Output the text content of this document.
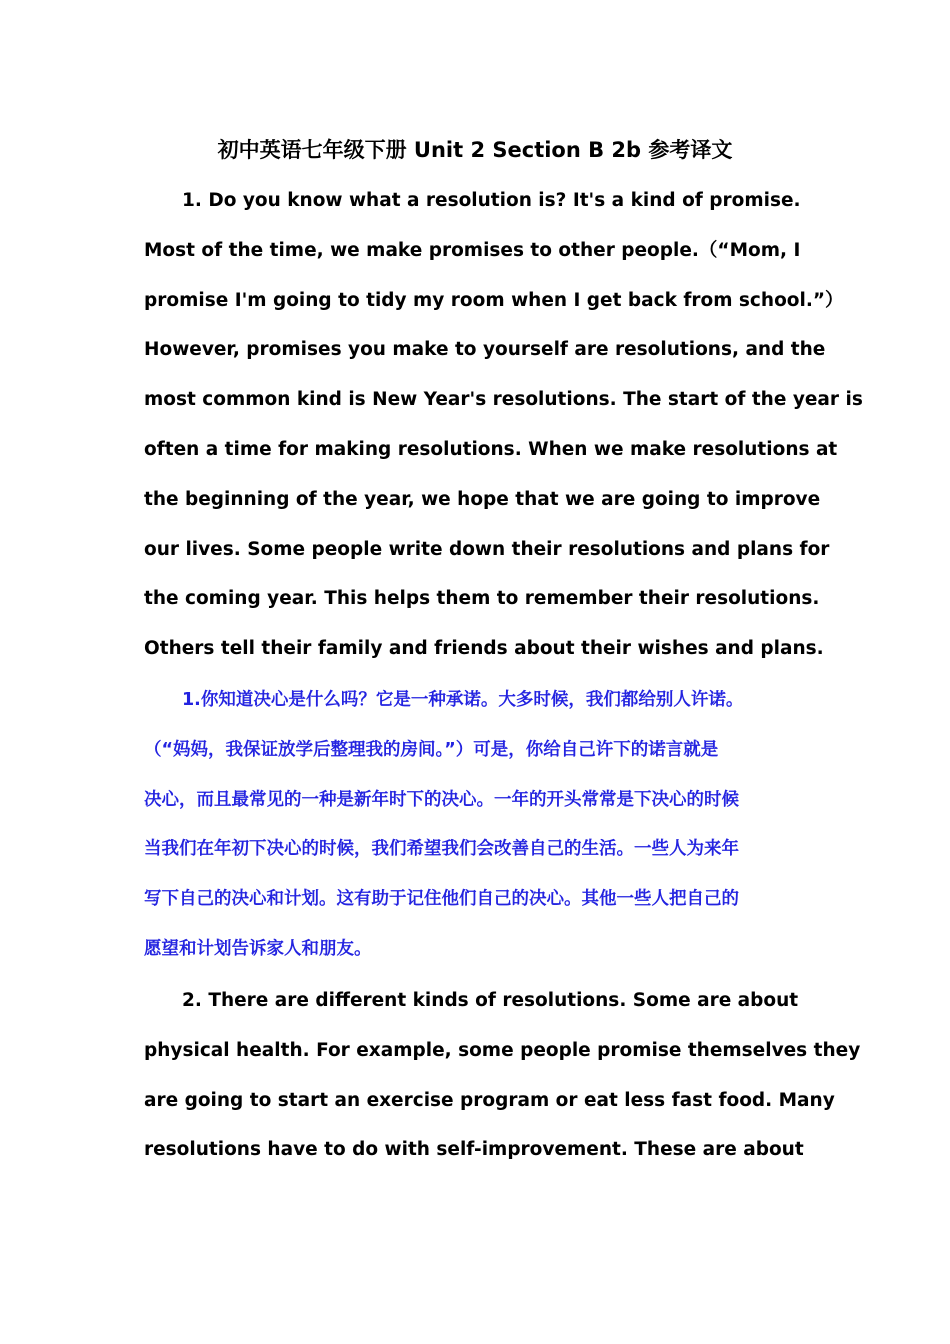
初中英语七年级下册 Unit 2 Section B 2b 参考译文
1. Do you know what a resolution is? It's a kind of promise.
Most of the time, we make promises to other people.（“Mom, I
promise I'm going to tidy my room when I get back from school.”）
However, promises you make to yourself are resolutions, and the
most common kind is New Year's resolutions. The start of the year is
often a time for making resolutions. When we make resolutions at
the beginning of the year, we hope that we are going to improve
our lives. Some people write down their resolutions and plans for
the coming year. This helps them to remember their resolutions.
Others tell their family and friends about their wishes and plans.
1.你知道决心是什么吗？它是一种承诺。大多时候，我们都给别人许诺。
（“妈妈，我保证放学后整理我的房间。”）可是，你给自己许下的诺言就是
决心，而且最常见的一种是新年时下的决心。一年的开头常常是下决心的时候
当我们在年初下决心的时候，我们希望我们会改善自己的生活。一些人为来年
写下自己的决心和计划。这有助于记住他们自己的决心。其他一些人把自己的
愿望和计划告诉家人和朋友。
2. There are different kinds of resolutions. Some are about
physical health. For example, some people promise themselves they
are going to start an exercise program or eat less fast food. Many
resolutions have to do with self-improvement. These are about
